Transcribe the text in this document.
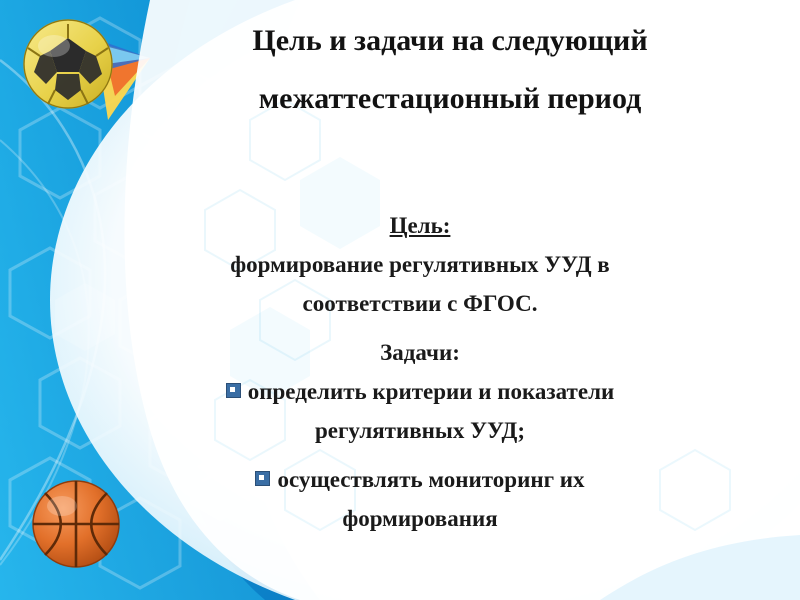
Цель и задачи на следующий
межаттестационный период
Цель:
формирование регулятивных УУД в
соответствии с ФГОС.
Задачи:
определить критерии и показатели
регулятивных УУД;
осуществлять мониторинг их
формирования
